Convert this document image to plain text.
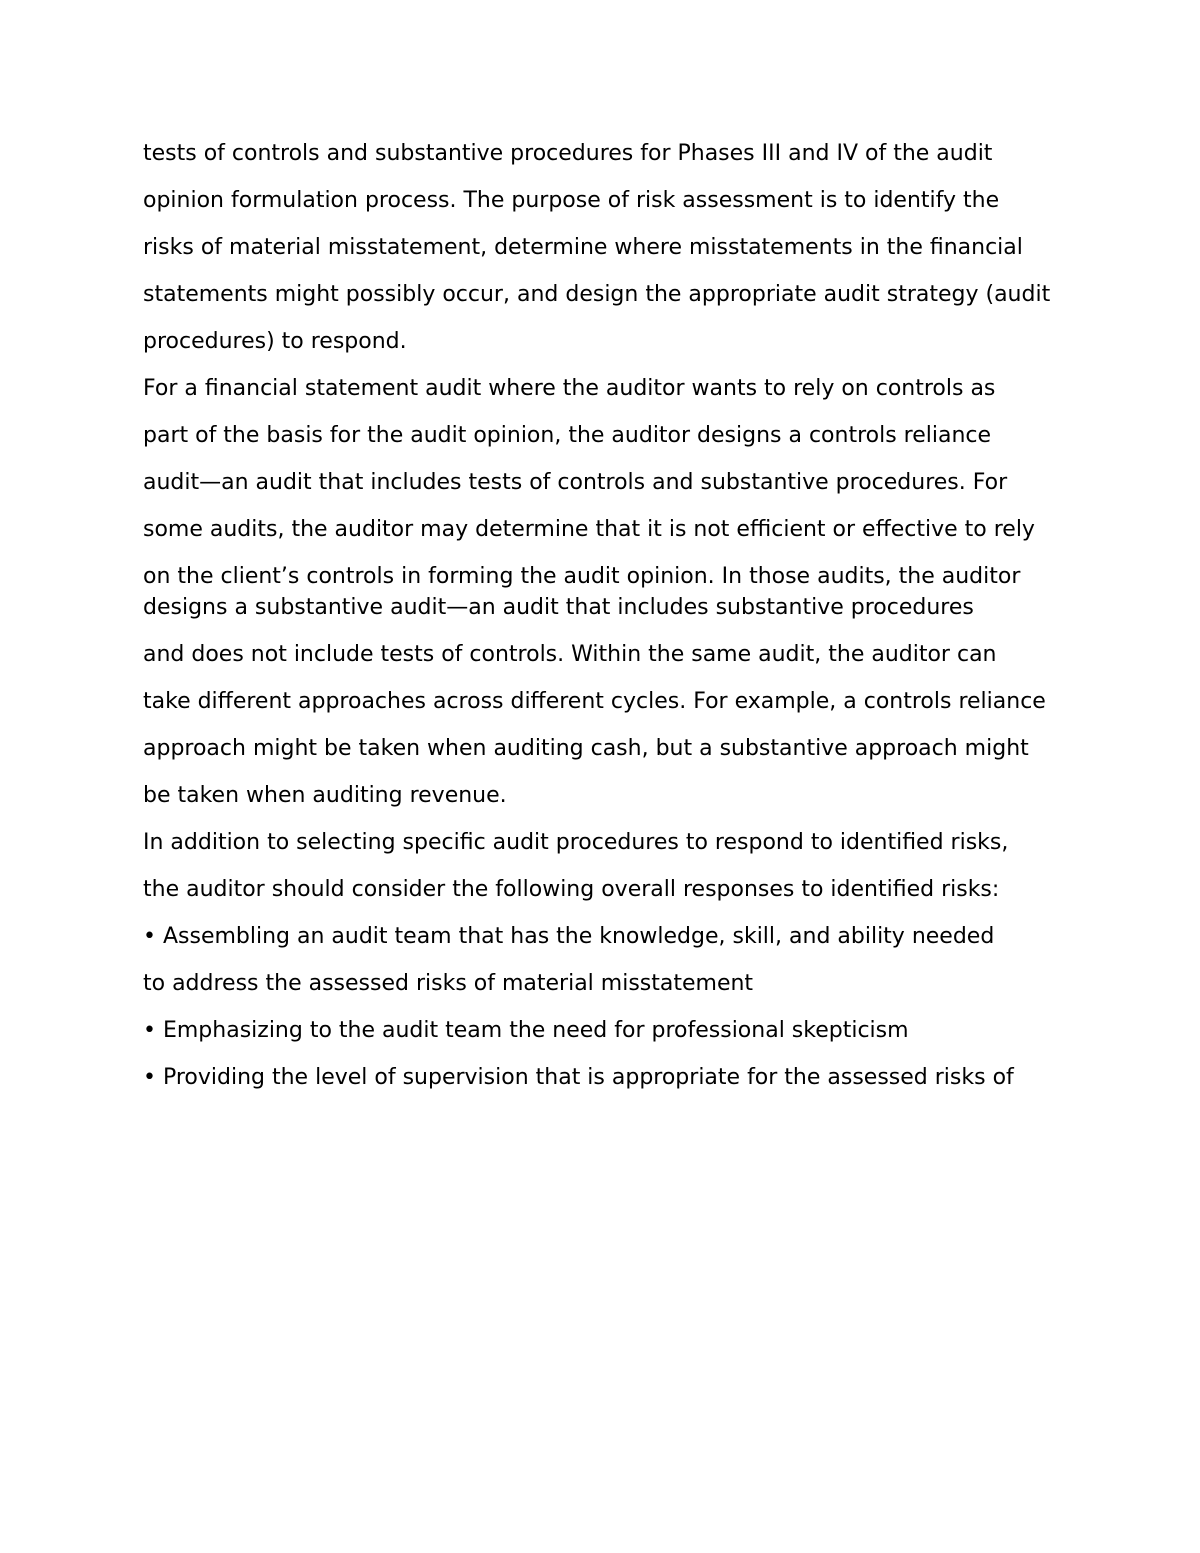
tests of controls and substantive procedures for Phases III and IV of the audit

opinion formulation process. The purpose of risk assessment is to identify the

risks of material misstatement, determine where misstatements in the financial

statements might possibly occur, and design the appropriate audit strategy (audit

procedures) to respond.

For a financial statement audit where the auditor wants to rely on controls as

part of the basis for the audit opinion, the auditor designs a controls reliance

audit—an audit that includes tests of controls and substantive procedures. For

some audits, the auditor may determine that it is not efficient or effective to rely

on the client’s controls in forming the audit opinion. In those audits, the auditor designs a substantive audit—an audit that includes substantive procedures

and does not include tests of controls. Within the same audit, the auditor can

take different approaches across different cycles. For example, a controls reliance

approach might be taken when auditing cash, but a substantive approach might

be taken when auditing revenue.

In addition to selecting specific audit procedures to respond to identified risks,

the auditor should consider the following overall responses to identified risks:

• Assembling an audit team that has the knowledge, skill, and ability needed

to address the assessed risks of material misstatement

• Emphasizing to the audit team the need for professional skepticism

• Providing the level of supervision that is appropriate for the assessed risks of
